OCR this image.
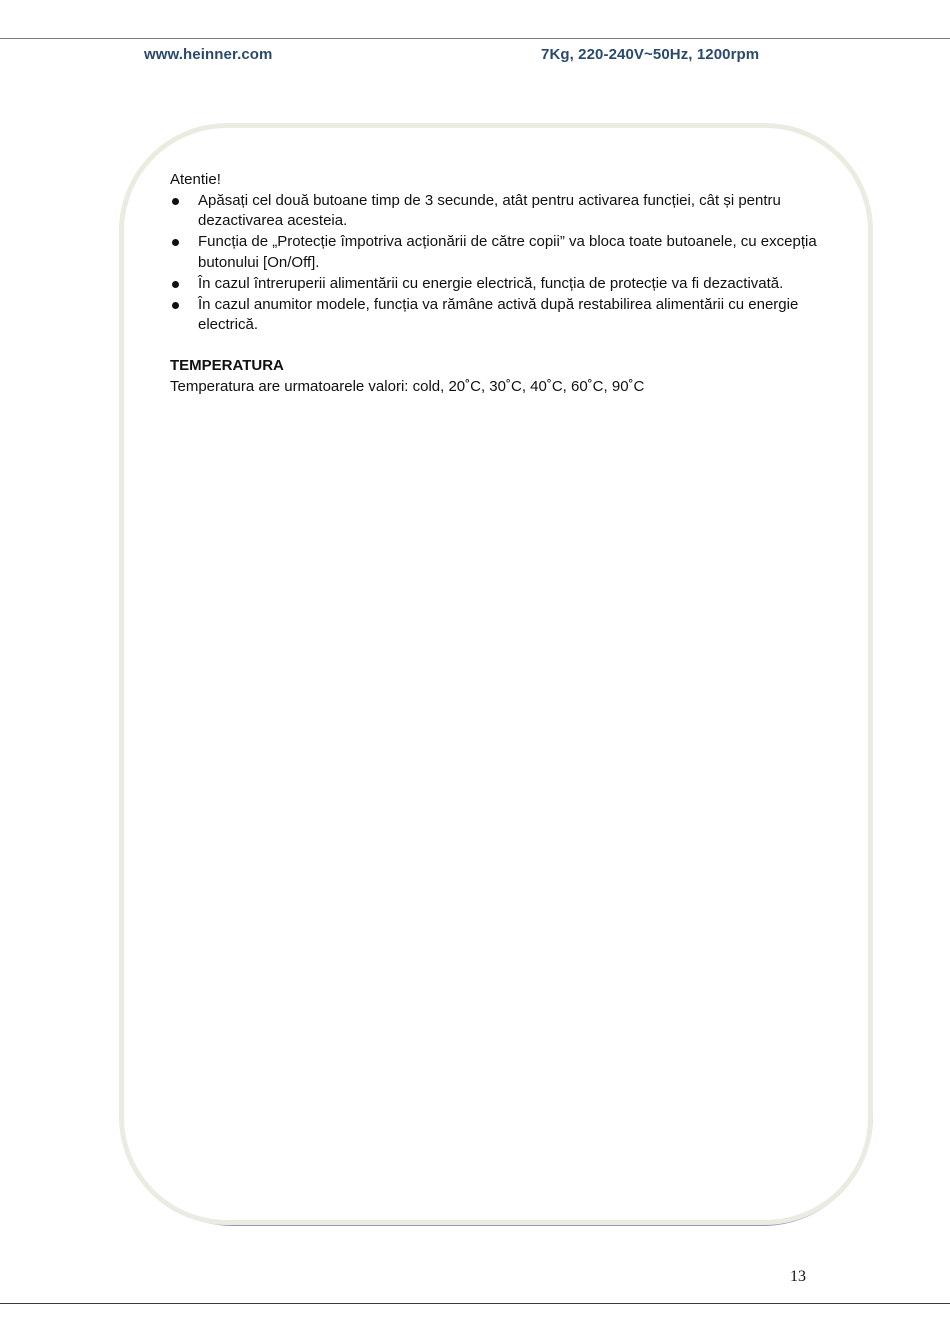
www.heinner.com	7Kg, 220-240V~50Hz, 1200rpm

Atentie!

Apăsați cel două butoane timp de 3 secunde, atât pentru activarea funcției, cât și pentru dezactivarea acesteia.
Funcția de „Protecție împotriva acționării de către copii” va bloca toate butoanele, cu excepția butonului [On/Off].
În cazul întreruperii alimentării cu energie electrică, funcția de protecție va fi dezactivată.
În cazul anumitor modele, funcția va rămâne activă după restabilirea alimentării cu energie electrică.

TEMPERATURA

Temperatura are urmatoarele valori: cold, 20˚C, 30˚C, 40˚C, 60˚C, 90˚C

13
